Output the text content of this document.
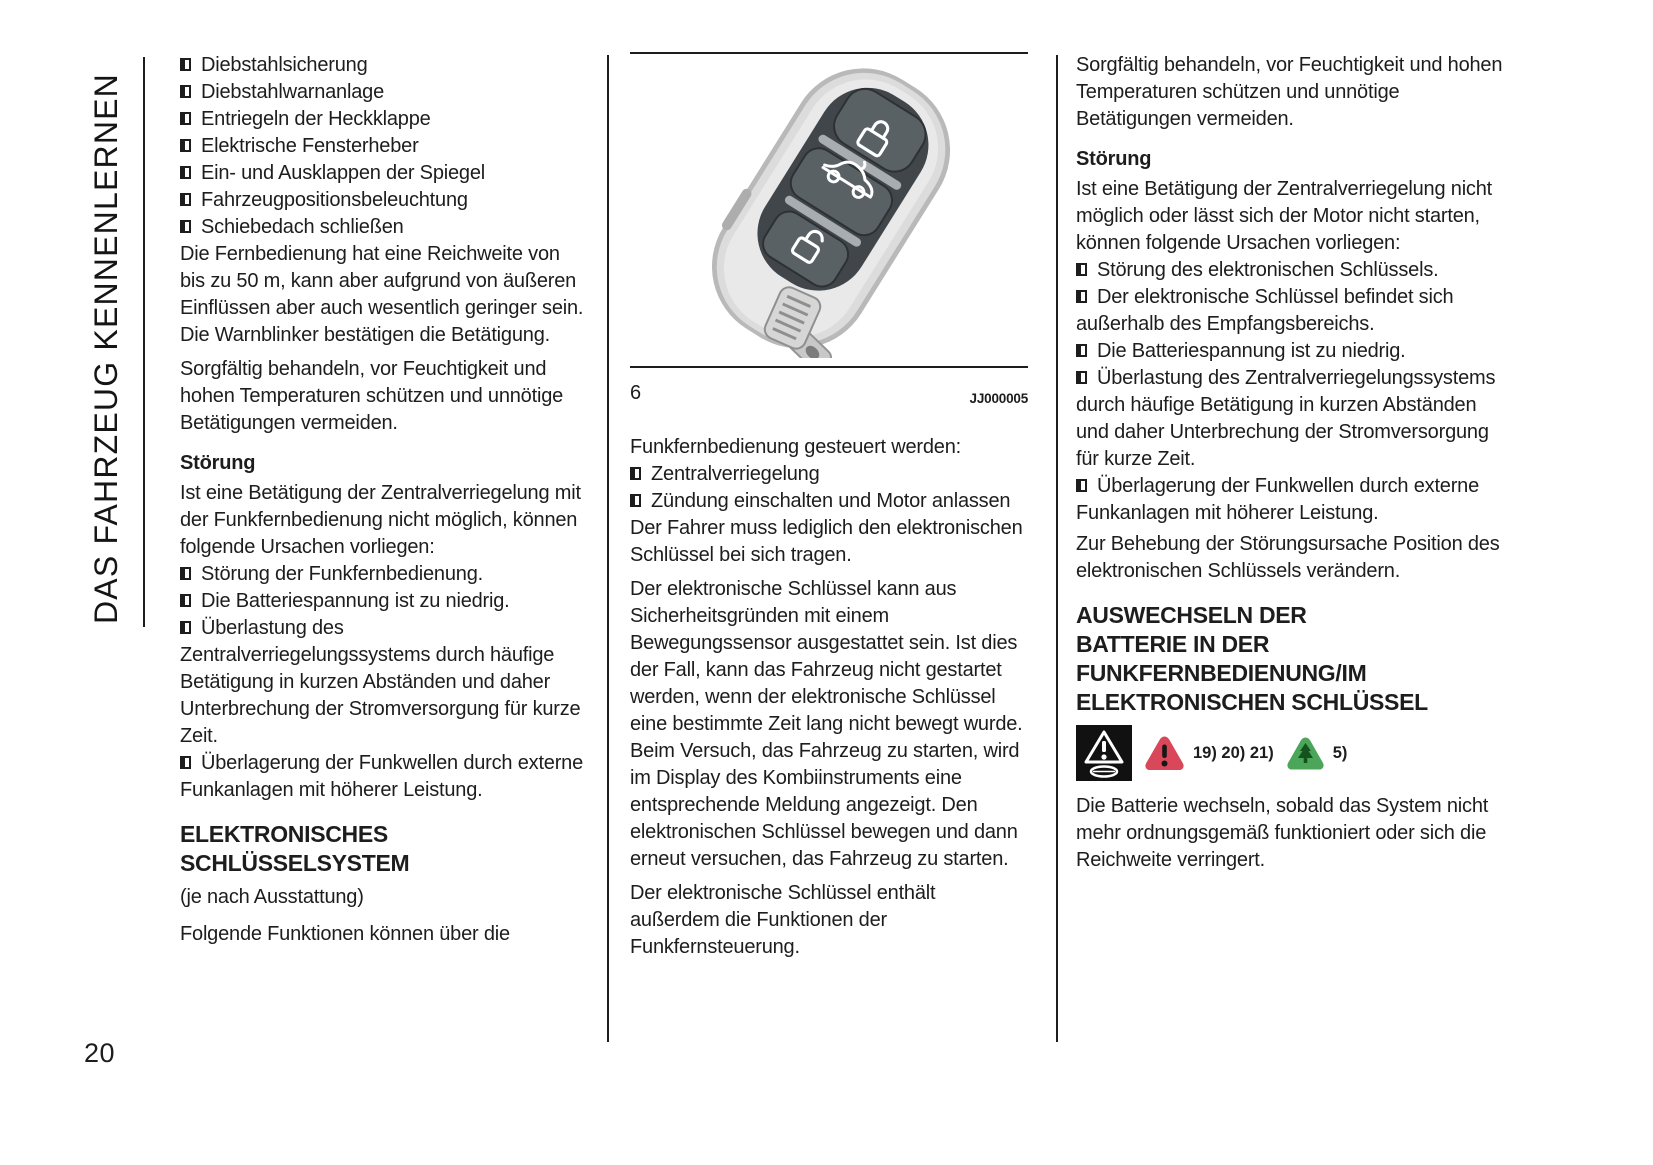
DAS FAHRZEUG KENNENLERNEN
Diebstahlsicherung
Diebstahlwarnanlage
Entriegeln der Heckklappe
Elektrische Fensterheber
Ein- und Ausklappen der Spiegel
Fahrzeugpositionsbeleuchtung
Schiebedach schließen

Die Fernbedienung hat eine Reichweite von bis zu 50 m, kann aber aufgrund von äußeren Einflüssen aber auch wesentlich geringer sein. Die Warnblinker bestätigen die Betätigung.

Sorgfältig behandeln, vor Feuchtigkeit und hohen Temperaturen schützen und unnötige Betätigungen vermeiden.

Störung

Ist eine Betätigung der Zentralverriegelung mit der Funkfernbedienung nicht möglich, können folgende Ursachen vorliegen:

Störung der Funkfernbedienung.
Die Batteriespannung ist zu niedrig.
Überlastung des Zentralverriegelungssystems durch häufige Betätigung in kurzen Abständen und daher Unterbrechung der Stromversorgung für kurze Zeit.
Überlagerung der Funkwellen durch externe Funkanlagen mit höherer Leistung.
ELEKTRONISCHES
SCHLÜSSELSYSTEM

(je nach Ausstattung)

Folgende Funktionen können über die

6	JJ000005

Funkfernbedienung gesteuert werden:

Zentralverriegelung
Zündung einschalten und Motor anlassen

Der Fahrer muss lediglich den elektronischen Schlüssel bei sich tragen.

Der elektronische Schlüssel kann aus Sicherheitsgründen mit einem Bewegungssensor ausgestattet sein. Ist dies der Fall, kann das Fahrzeug nicht gestartet werden, wenn der elektronische Schlüssel eine bestimmte Zeit lang nicht bewegt wurde. Beim Versuch, das Fahrzeug zu starten, wird im Display des Kombiinstruments eine entsprechende Meldung angezeigt. Den elektronischen Schlüssel bewegen und dann erneut versuchen, das Fahrzeug zu starten.

Der elektronische Schlüssel enthält außerdem die Funktionen der Funkfernsteuerung.

Sorgfältig behandeln, vor Feuchtigkeit und hohen Temperaturen schützen und unnötige Betätigungen vermeiden.

Störung

Ist eine Betätigung der Zentralverriegelung nicht möglich oder lässt sich der Motor nicht starten, können folgende Ursachen vorliegen:

Störung des elektronischen Schlüssels.
Der elektronische Schlüssel befindet sich außerhalb des Empfangsbereichs.
Die Batteriespannung ist zu niedrig.
Überlastung des Zentralverriegelungssystems durch häufige Betätigung in kurzen Abständen und daher Unterbrechung der Stromversorgung für kurze Zeit.
Überlagerung der Funkwellen durch externe Funkanlagen mit höherer Leistung.

Zur Behebung der Störungsursache Position des elektronischen Schlüssels verändern.

AUSWECHSELN DER
BATTERIE IN DER
FUNKFERNBEDIENUNG/IM
ELEKTRONISCHEN SCHLÜSSEL
19) 20) 21)	5)

Die Batterie wechseln, sobald das System nicht mehr ordnungsgemäß funktioniert oder sich die Reichweite verringert.

20
